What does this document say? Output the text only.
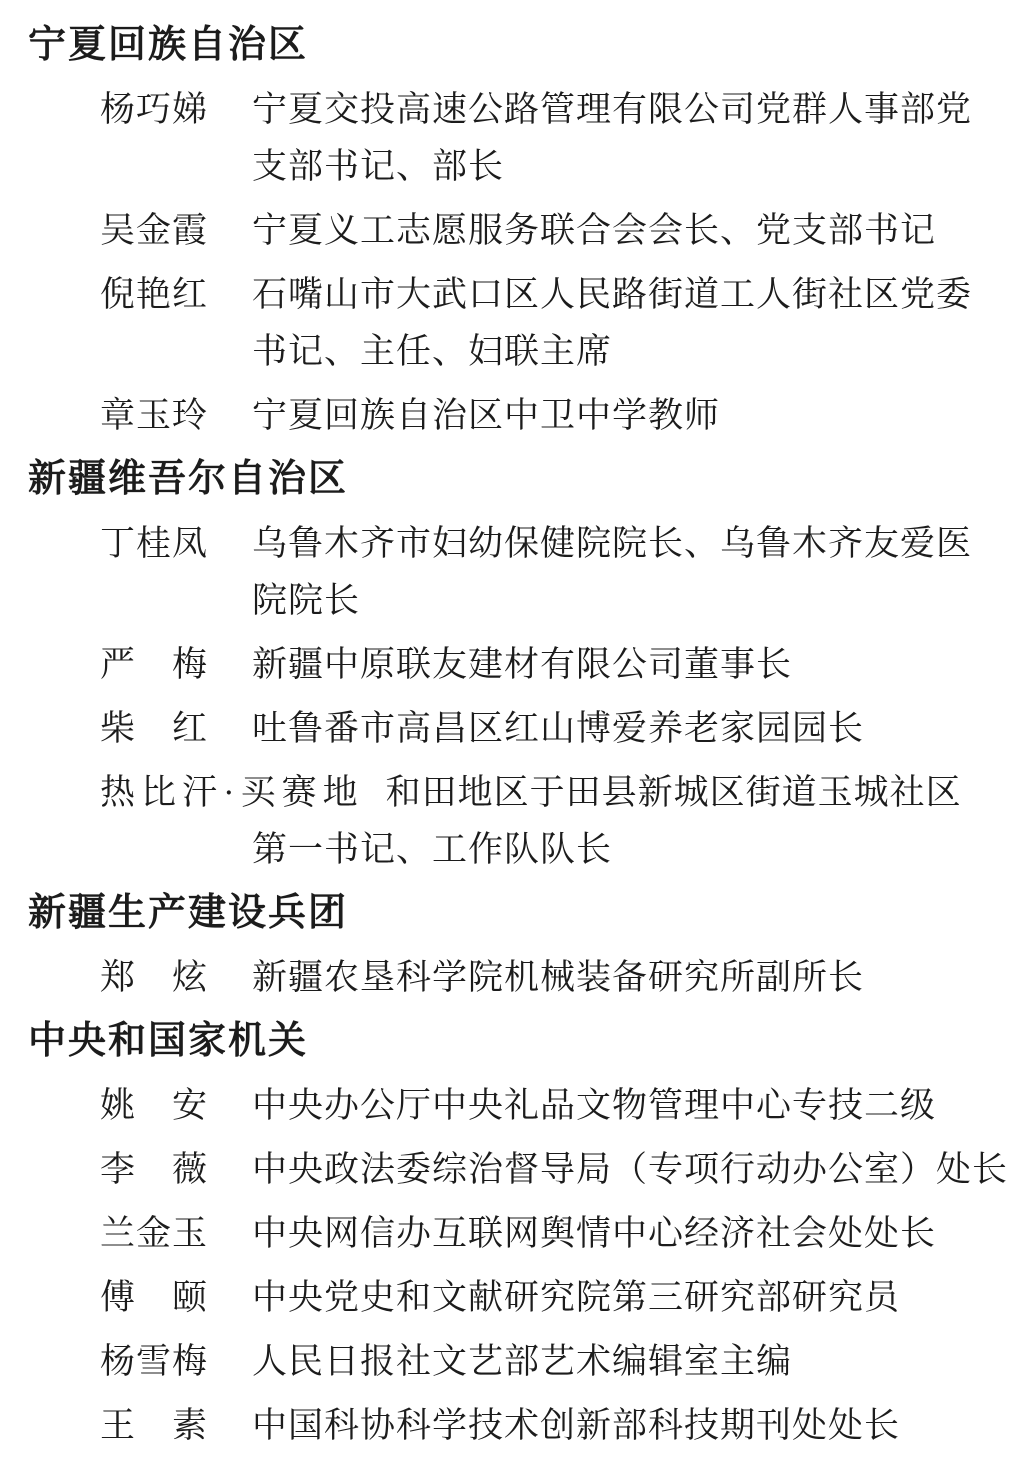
宁夏回族自治区
杨巧娣 宁夏交投高速公路管理有限公司党群人事部党
支部书记、部长
吴金霞 宁夏义工志愿服务联合会会长、党支部书记
倪艳红 石嘴山市大武口区人民路街道工人街社区党委
书记、主任、妇联主席
章玉玲 宁夏回族自治区中卫中学教师
新疆维吾尔自治区
丁桂凤 乌鲁木齐市妇幼保健院院长、乌鲁木齐友爱医
院院长
严　梅 新疆中原联友建材有限公司董事长
柴　红 吐鲁番市高昌区红山博爱养老家园园长
热比汗·买赛地 和田地区于田县新城区街道玉城社区
第一书记、工作队队长
新疆生产建设兵团
郑　炫 新疆农垦科学院机械装备研究所副所长
中央和国家机关
姚　安 中央办公厅中央礼品文物管理中心专技二级
李　薇 中央政法委综治督导局（专项行动办公室）处长
兰金玉 中央网信办互联网舆情中心经济社会处处长
傅　颐 中央党史和文献研究院第三研究部研究员
杨雪梅 人民日报社文艺部艺术编辑室主编
王　素 中国科协科学技术创新部科技期刊处处长
